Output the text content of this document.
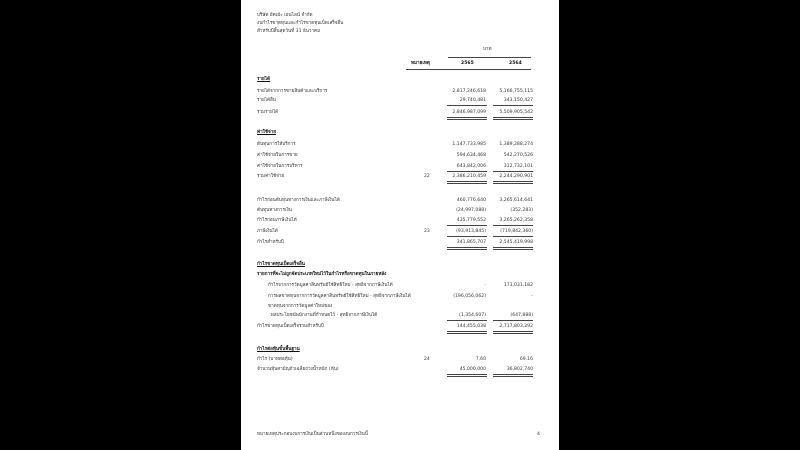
บริษัท ยัคเม้ะ เอนไลน์ จำกัด
งบกำไรขาดทุนและกำไรขาดทุนเบ็ดเสร็จอื่น
สำหรับปีสิ้นสุดวันที่ 31 ธันวาคม
บาท
หมายเหตุ	2565	2564
รายได้
รายได้จากการขายสินค้าและบริการ	2,817,246,618	5,166,755,115
รายได้อื่น	29,740,481	343,150,427
รวมรายได้	2,846,987,099	5,509,905,542
ค่าใช้จ่าย
ต้นทุนการให้บริการ	1,147,733,985	1,389,288,274
ค่าใช้จ่ายในการขาย	594,634,468	542,270,526
ค่าใช้จ่ายในการบริหาร	643,842,006	312,732,101
รวมค่าใช้จ่าย	22	2,386,210,459	2,244,290,901
กำไรก่อนต้นทุนทางการเงินและภาษีเงินได้	460,776,640	3,265,614,641
ต้นทุนทางการเงิน	(24,997,088)	(352,283)
กำไรก่อนภาษีเงินได้	435,779,552	3,265,262,358
ภาษีเงินได้	23	(93,913,845)	(719,842,360)
กำไรสำหรับปี	341,865,707	2,545,419,998
กำไรขาดทุนเบ็ดเสร็จอื่น
รายการที่จะไม่ถูกจัดประเภทใหม่ไว้ในกำไรหรือขาดทุนในภายหลัง
กำไรจากการวัดมูลค่าสินทรัพย์ใช้สิทธิใหม่ - สุทธิจากภาษีเงินได้	-	173,031,182
การผลขาดทุนจากการวัดมูลค่าสินทรัพย์ใช้สิทธิใหม่ - สุทธิจากภาษีเงินได้	(196,056,062)	-
ขาดทุนจากการวัดมูลค่าใหม่ของ
ผลประโยชน์พนักงานที่กำหนดไว้ - สุทธิจากภาษีเงินได้	(1,354,607)	(647,888)
กำไรขาดทุนเบ็ดเสร็จรวมสำหรับปี	144,455,038	2,717,803,292
กำไรต่อหุ้นขั้นพื้นฐาน
กำไร (บาทต่อหุ้น)	24	7.60	69.16
จำนวนหุ้นสามัญถัวเฉลี่ยถ่วงน้ำหนัก (หุ้น)	45,000,000	36,802,740
หมายเหตุประกอบงบการเงินเป็นส่วนหนึ่งของงบการเงินนี้	4
